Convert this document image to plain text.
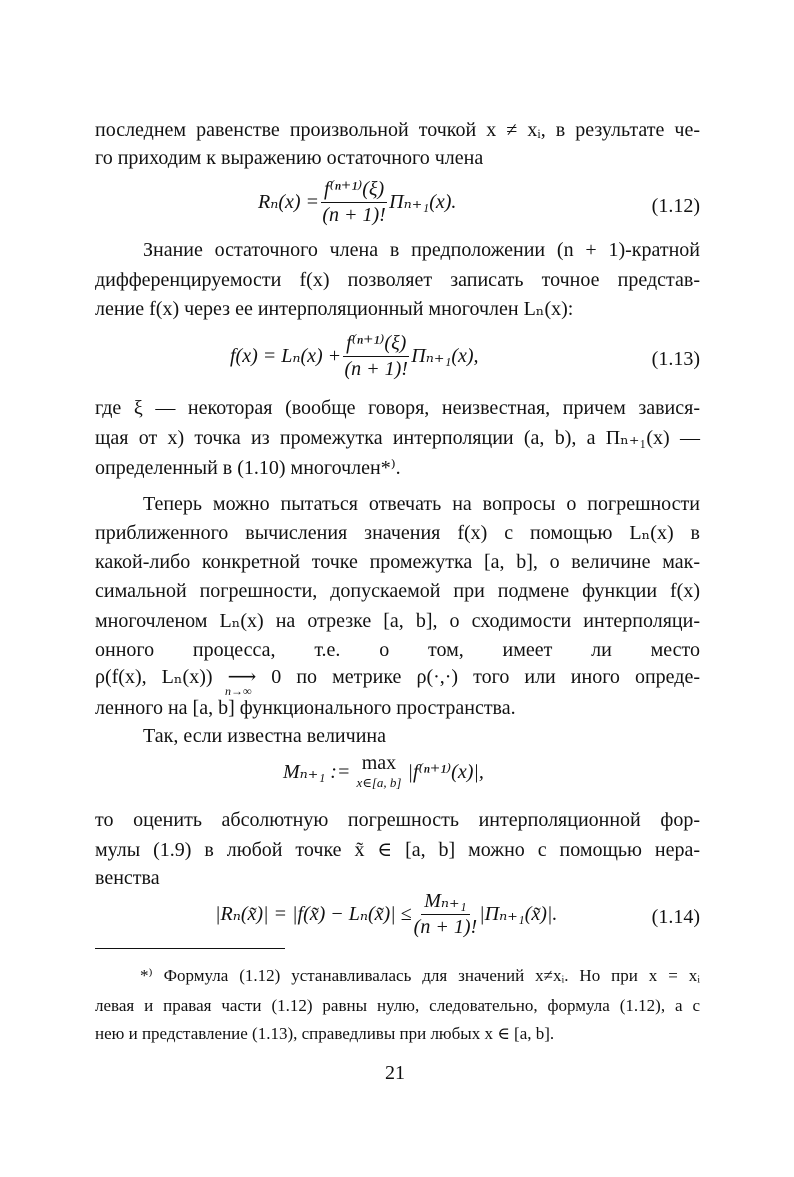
последнем равенстве произвольной точкой x ≠ xᵢ, в результате че-
го приходим к выражению остаточного члена
$R_n(x) = \frac{\text{f⁽ⁿ⁺¹⁾(ξ)}}{(n + 1)!} \Pi_{n+1}(x)$.	(1.12)
Знание остаточного члена в предположении (n + 1)-кратной
дифференцируемости f(x) позволяет записать точное представ-
ление f(x) через ее интерполяционный многочлен Lₙ(x):
$f(x) = L_n(x) + \frac{\text{f⁽ⁿ⁺¹⁾(ξ)}}{(n + 1)!} \Pi_{n+1}(x)$,	(1.13)
где ξ — некоторая (вообще говоря, неизвестная, причем завися-
щая от x) точка из промежутка интерполяции (a, b), а Πₙ₊₁(x) —
определенный в (1.10) многочлен*⁾.
Теперь можно пытаться отвечать на вопросы о погрешности
приближенного вычисления значения f(x) с помощью Lₙ(x) в
какой-либо конкретной точке промежутка [a, b], о величине мак-
симальной погрешности, допускаемой при подмене функции f(x)
многочленом Lₙ(x) на отрезке [a, b], о сходимости интерполяци-
онного процесса, т.е. о том, имеет ли место
ρ(f(x), Lₙ(x)) ⟶ 0 по метрике ρ(·,·) того или иного опреде-
n→∞
ленного на [a, b] функционального пространства.
Так, если известна величина
Mₙ₊₁ := max
x∈[a, b] |f⁽ⁿ⁺¹⁾(x)|,
то оценить абсолютную погрешность интерполяционной фор-
мулы (1.9) в любой точке x̃ ∈ [a, b] можно с помощью нера-
венства
|Rₙ(x̃)| = |f(x̃) − Lₙ(x̃)| ≤ $\frac{\text{Mₙ₊₁}}{(n + 1)!}$ |Πₙ₊₁(x̃)|.	(1.14)
*⁾ Формула (1.12) устанавливалась для значений x≠xᵢ. Но при x = xᵢ
левая и правая части (1.12) равны нулю, следовательно, формула (1.12), а с
нею и представление (1.13), справедливы при любых x ∈ [a, b].
21
